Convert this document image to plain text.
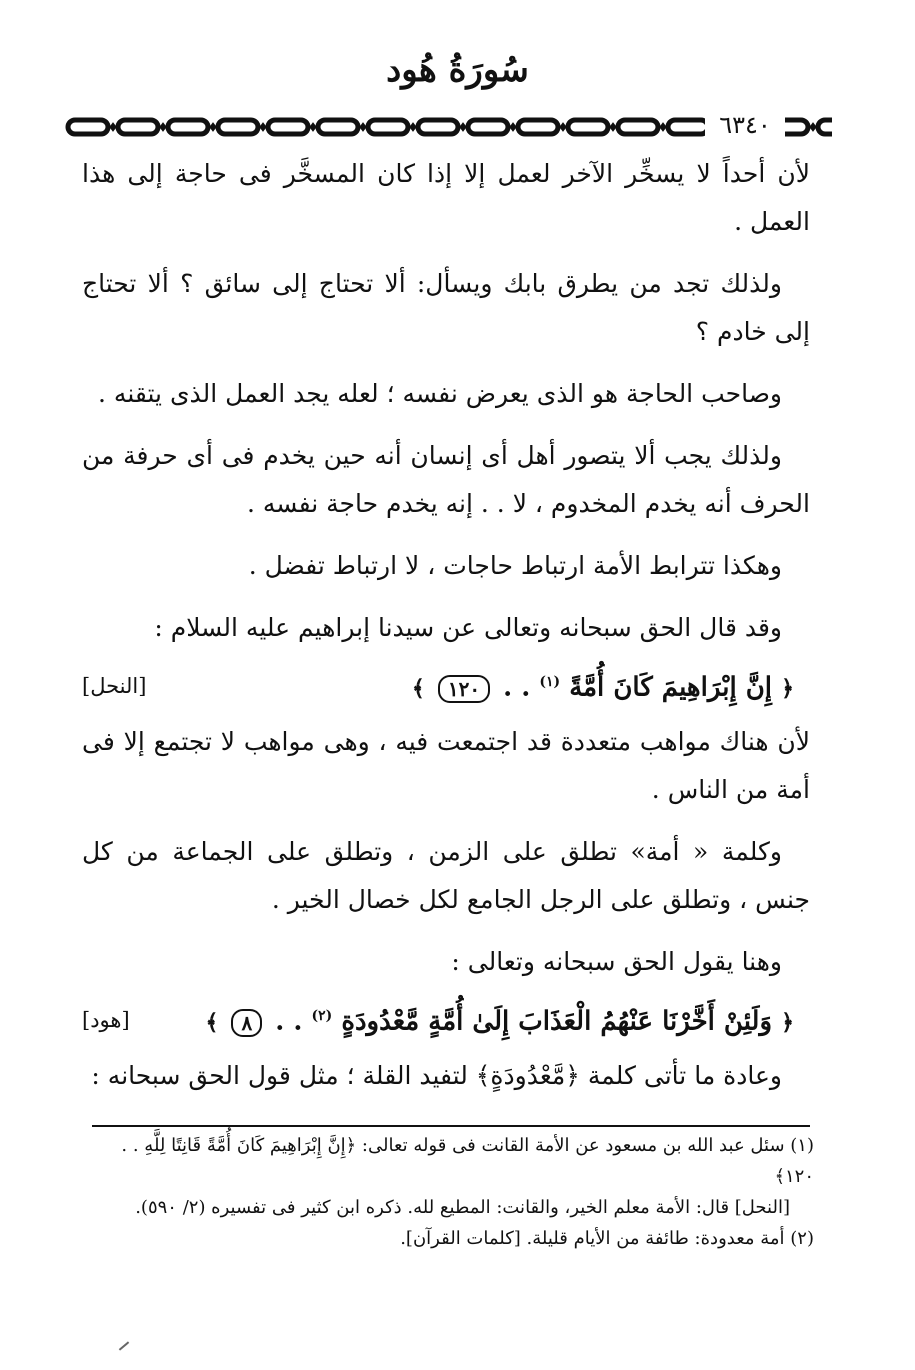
سُورَةُ هُود
٦٣٤٠

لأن أحداً لا يسخِّر الآخر لعمل إلا إذا كان المسخَّر فى حاجة إلى هذا العمل .

ولذلك تجد من يطرق بابك ويسأل: ألا تحتاج إلى سائق ؟ ألا تحتاج إلى خادم ؟

وصاحب الحاجة هو الذى يعرض نفسه ؛ لعله يجد العمل الذى يتقنه .

ولذلك يجب ألا يتصور أهل أى إنسان أنه حين يخدم فى أى حرفة من الحرف أنه يخدم المخدوم ، لا . . إنه يخدم حاجة نفسه .

وهكذا تترابط الأمة ارتباط حاجات ، لا ارتباط تفضل .

وقد قال الحق سبحانه وتعالى عن سيدنا إبراهيم عليه السلام :

﴿ إِنَّ إِبْرَاهِيمَ كَانَ أُمَّةً $^{(١)}$ . . ١٢٠ ﴾
[النحل]

لأن هناك مواهب متعددة قد اجتمعت فيه ، وهى مواهب لا تجتمع إلا فى أمة من الناس .

وكلمة « أمة» تطلق على الزمن ، وتطلق على الجماعة من كل جنس ، وتطلق على الرجل الجامع لكل خصال الخير .

وهنا يقول الحق سبحانه وتعالى :

﴿ وَلَئِنْ أَخَّرْنَا عَنْهُمُ الْعَذَابَ إِلَىٰ أُمَّةٍ مَّعْدُودَةٍ $^{(٢)}$ . . ٨ ﴾
[هود]

وعادة ما تأتى كلمة ﴿مَّعْدُودَةٍ﴾ لتفيد القلة ؛ مثل قول الحق سبحانه :

(١) سئل عبد الله بن مسعود عن الأمة القانت فى قوله تعالى: ﴿إِنَّ إِبْرَاهِيمَ كَانَ أُمَّةً قَانِتًا لِلَّهِ . . ١٢٠﴾

[النحل] قال: الأمة معلم الخير، والقانت: المطيع لله. ذكره ابن كثير فى تفسيره (٢/ ٥٩٠).

(٢) أمة معدودة: طائفة من الأيام قليلة. [كلمات القرآن].
